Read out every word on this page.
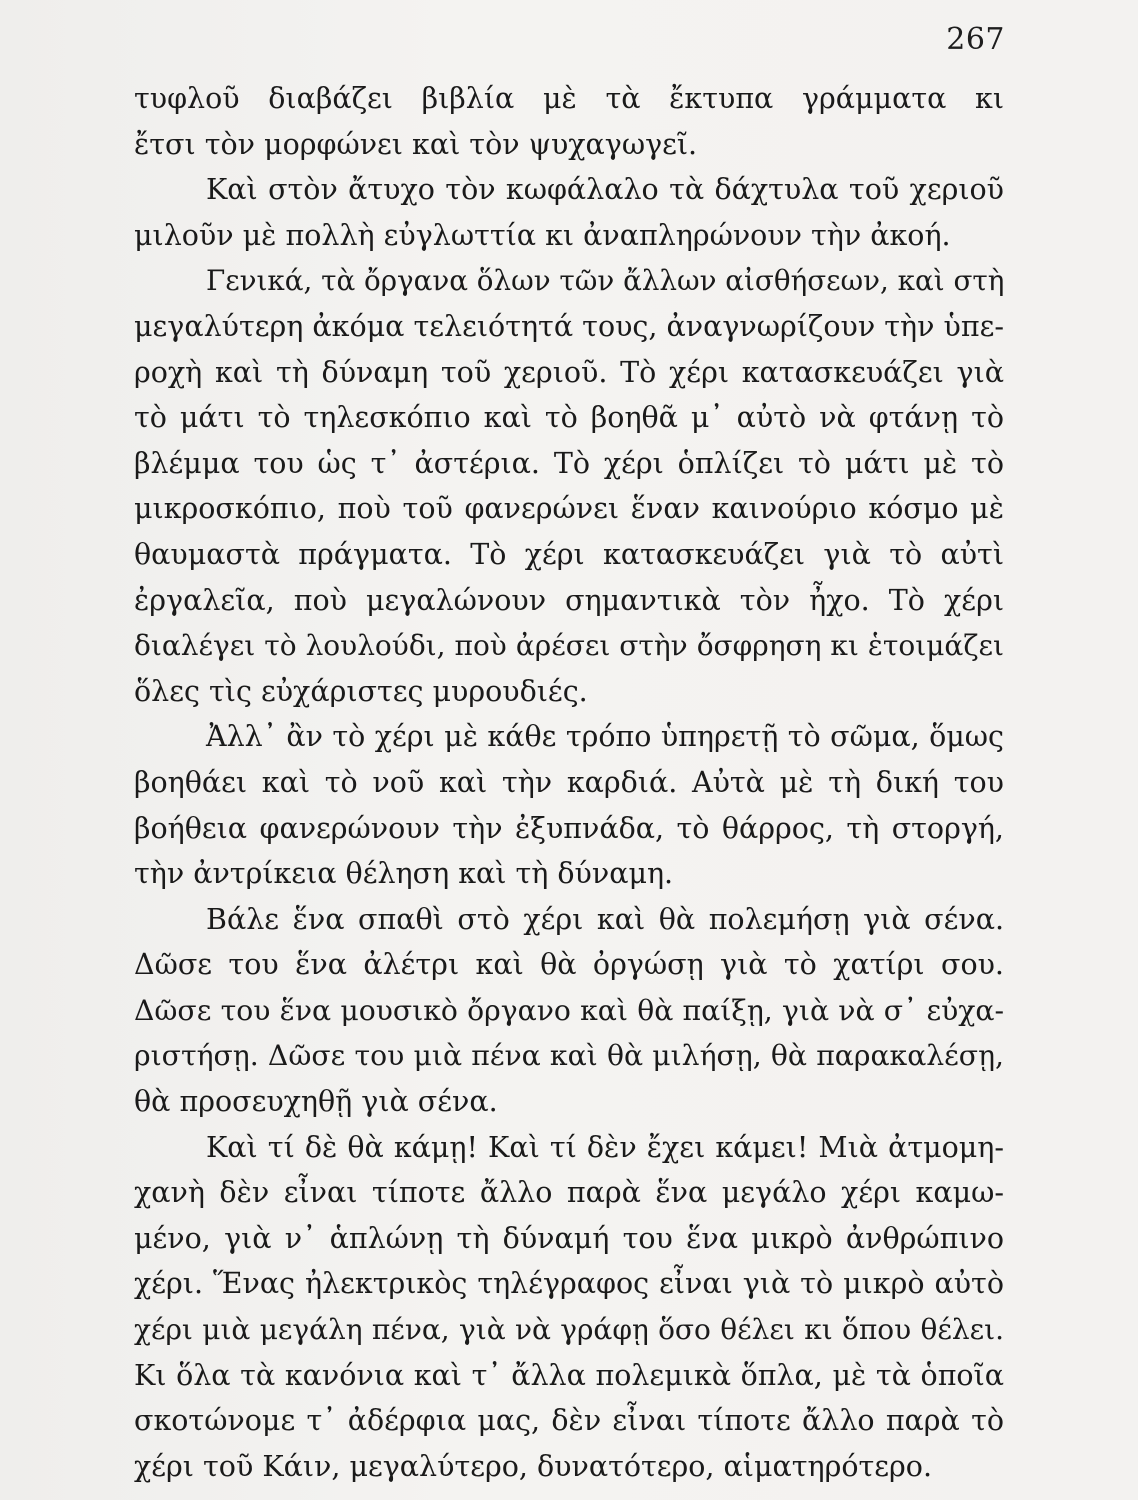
267
τυφλοῦ διαβάζει βιβλία μὲ τὰ ἔκτυπα γράμματα κι
ἔτσι τὸν μορφώνει καὶ τὸν ψυχαγωγεῖ.
Καὶ στὸν ἄτυχο τὸν κωφάλαλο τὰ δάχτυλα τοῦ χεριοῦ
μιλοῦν μὲ πολλὴ εὐγλωττία κι ἀναπληρώνουν τὴν ἀκοή.
Γενικά, τὰ ὄργανα ὅλων τῶν ἄλλων αἰσθήσεων, καὶ στὴ
μεγαλύτερη ἀκόμα τελειότητά τους, ἀναγνωρίζουν τὴν ὑπε-
ροχὴ καὶ τὴ δύναμη τοῦ χεριοῦ. Τὸ χέρι κατασκευάζει γιὰ
τὸ μάτι τὸ τηλεσκόπιο καὶ τὸ βοηθᾶ μ᾽ αὐτὸ νὰ φτάνῃ τὸ
βλέμμα του ὡς τ᾽ ἀστέρια. Τὸ χέρι ὁπλίζει τὸ μάτι μὲ τὸ
μικροσκόπιο, ποὺ τοῦ φανερώνει ἕναν καινούριο κόσμο μὲ
θαυμαστὰ πράγματα. Τὸ χέρι κατασκευάζει γιὰ τὸ αὐτὶ
ἐργαλεῖα, ποὺ μεγαλώνουν σημαντικὰ τὸν ἦχο. Τὸ χέρι
διαλέγει τὸ λουλούδι, ποὺ ἀρέσει στὴν ὄσφρηση κι ἑτοιμάζει
ὅλες τὶς εὐχάριστες μυρουδιές.
Ἀλλ᾽ ἂν τὸ χέρι μὲ κάθε τρόπο ὑπηρετῇ τὸ σῶμα, ὅμως
βοηθάει καὶ τὸ νοῦ καὶ τὴν καρδιά. Αὐτὰ μὲ τὴ δική του
βοήθεια φανερώνουν τὴν ἐξυπνάδα, τὸ θάρρος, τὴ στοργή,
τὴν ἀντρίκεια θέληση καὶ τὴ δύναμη.
Βάλε ἕνα σπαθὶ στὸ χέρι καὶ θὰ πολεμήσῃ γιὰ σένα.
Δῶσε του ἕνα ἀλέτρι καὶ θὰ ὀργώσῃ γιὰ τὸ χατίρι σου.
Δῶσε του ἕνα μουσικὸ ὄργανο καὶ θὰ παίξῃ, γιὰ νὰ σ᾽ εὐχα-
ριστήσῃ. Δῶσε του μιὰ πένα καὶ θὰ μιλήσῃ, θὰ παρακαλέσῃ,
θὰ προσευχηθῇ γιὰ σένα.
Καὶ τί δὲ θὰ κάμῃ! Καὶ τί δὲν ἔχει κάμει! Μιὰ ἀτμομη-
χανὴ δὲν εἶναι τίποτε ἄλλο παρὰ ἕνα μεγάλο χέρι καμω-
μένο, γιὰ ν᾽ ἁπλώνῃ τὴ δύναμή του ἕνα μικρὸ ἀνθρώπινο
χέρι. Ἕνας ἠλεκτρικὸς τηλέγραφος εἶναι γιὰ τὸ μικρὸ αὐτὸ
χέρι μιὰ μεγάλη πένα, γιὰ νὰ γράφῃ ὅσο θέλει κι ὅπου θέλει.
Κι ὅλα τὰ κανόνια καὶ τ᾽ ἄλλα πολεμικὰ ὅπλα, μὲ τὰ ὁποῖα
σκοτώνομε τ᾽ ἀδέρφια μας, δὲν εἶναι τίποτε ἄλλο παρὰ τὸ
χέρι τοῦ Κάιν, μεγαλύτερο, δυνατότερο, αἱματηρότερο.
